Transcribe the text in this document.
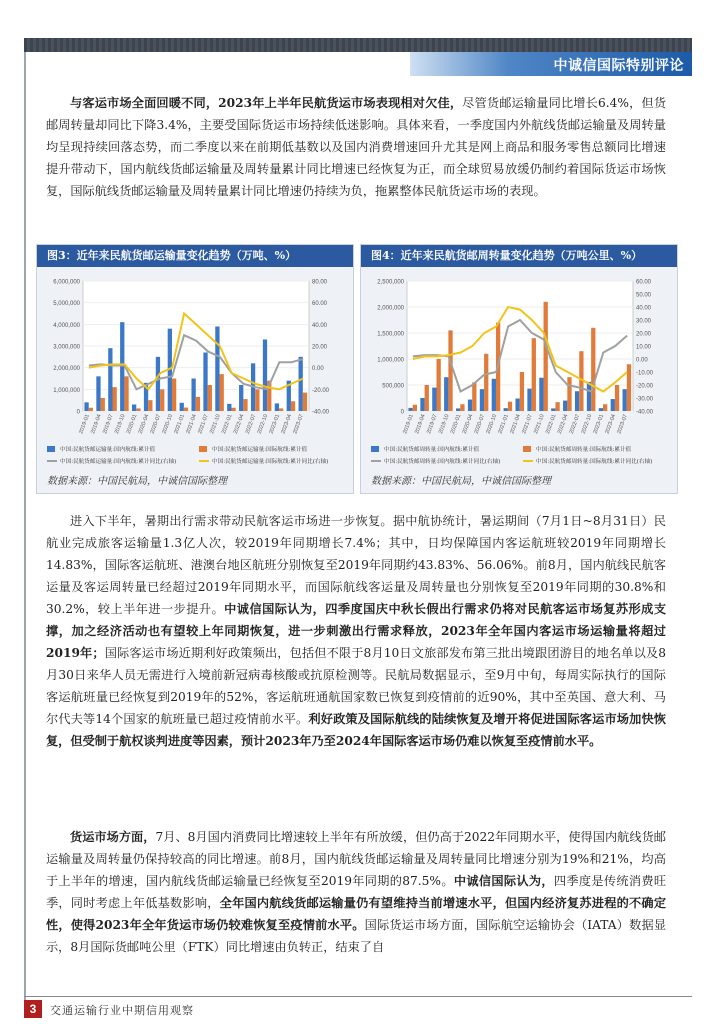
中诚信国际特别评论
与客运市场全面回暖不同，2023年上半年民航货运市场表现相对欠佳，尽管货邮运输量同比增长6.4%，但货邮周转量却同比下降3.4%，主要受国际货运市场持续低迷影响。具体来看，一季度国内外航线货邮运输量及周转量均呈现持续回落态势，而二季度以来在前期低基数以及国内消费增速回升尤其是网上商品和服务零售总额同比增速提升带动下，国内航线货邮运输量及周转量累计同比增速已经恢复为正，而全球贸易放缓仍制约着国际货运市场恢复，国际航线货邮运输量及周转量累计同比增速仍持续为负，拖累整体民航货运市场的表现。
图3：近年来民航货邮运输量变化趋势（万吨、%）
6,000,000
5,000,000
4,000,000
3,000,000
2,000,000
1,000,000
0
80.00
60.00
40.00
20.00
0.00
-20.00
-40.00
2019-01 2019-04 2019-07 2019-10 2020-01 2020-04 2020-07 2020-10 2021-01 2021-04 2021-07 2021-10 2022-01 2022-04 2022-07 2022-10 2023-01 2023-04 2023-07
中国:民航货邮运输量:国内航线:累计值	中国:民航货邮运输量:国际航线:累计值
中国:民航货邮运输量:国内航线:累计同比(右轴)	中国:民航货邮运输量:国际航线:累计同比(右轴)
数据来源：中国民航局，中诚信国际整理
图4：近年来民航货邮周转量变化趋势（万吨公里、%）
2,500,000
2,000,000
1,500,000
1,000,000
500,000
0
60.00
50.00
40.00
30.00
20.00
10.00
0.00
-10.00
-20.00
-30.00
-40.00
2019-01 2019-04 2019-07 2019-10 2020-01 2020-04 2020-07 2020-10 2021-01 2021-04 2021-07 2021-10 2022-01 2022-04 2022-07 2022-10 2023-01 2023-04 2023-07
中国:民航货邮周转量:国内航线:累计值	中国:民航货邮周转量:国际航线:累计值
中国:民航货邮周转量:国内航线:累计同比(右轴)	中国:民航货邮周转量:国际航线:累计同比(右轴)
数据来源：中国民航局，中诚信国际整理
进入下半年，暑期出行需求带动民航客运市场进一步恢复。据中航协统计，暑运期间（7月1日~8月31日）民航业完成旅客运输量1.3亿人次，较2019年同期增长7.4%；其中，日均保障国内客运航班较2019年同期增长14.83%，国际客运航班、港澳台地区航班分别恢复至2019年同期约43.83%、56.06%。前8月，国内航线民航客运量及客运周转量已经超过2019年同期水平，而国际航线客运量及周转量也分别恢复至2019年同期的30.8%和30.2%，较上半年进一步提升。中诚信国际认为，四季度国庆中秋长假出行需求仍将对民航客运市场复苏形成支撑，加之经济活动也有望较上年同期恢复，进一步刺激出行需求释放，2023年全年国内客运市场运输量将超过2019年；国际客运市场近期利好政策频出，包括但不限于8月10日文旅部发布第三批出境跟团游目的地名单以及8月30日来华人员无需进行入境前新冠病毒核酸或抗原检测等。民航局数据显示，至9月中旬，每周实际执行的国际客运航班量已经恢复到2019年的52%，客运航班通航国家数已恢复到疫情前的近90%，其中至英国、意大利、马尔代夫等14个国家的航班量已超过疫情前水平。利好政策及国际航线的陆续恢复及增开将促进国际客运市场加快恢复，但受制于航权谈判进度等因素，预计2023年乃至2024年国际客运市场仍难以恢复至疫情前水平。
货运市场方面，7月、8月国内消费同比增速较上半年有所放缓，但仍高于2022年同期水平，使得国内航线货邮运输量及周转量仍保持较高的同比增速。前8月，国内航线货邮运输量及周转量同比增速分别为19%和21%，均高于上半年的增速，国内航线货邮运输量已经恢复至2019年同期的87.5%。中诚信国际认为，四季度是传统消费旺季，同时考虑上年低基数影响，全年国内航线货邮运输量仍有望维持当前增速水平，但国内经济复苏进程的不确定性，使得2023年全年货运市场仍较难恢复至疫情前水平。国际货运市场方面，国际航空运输协会（IATA）数据显示，8月国际货邮吨公里（FTK）同比增速由负转正，结束了自
3	交通运输行业中期信用观察
